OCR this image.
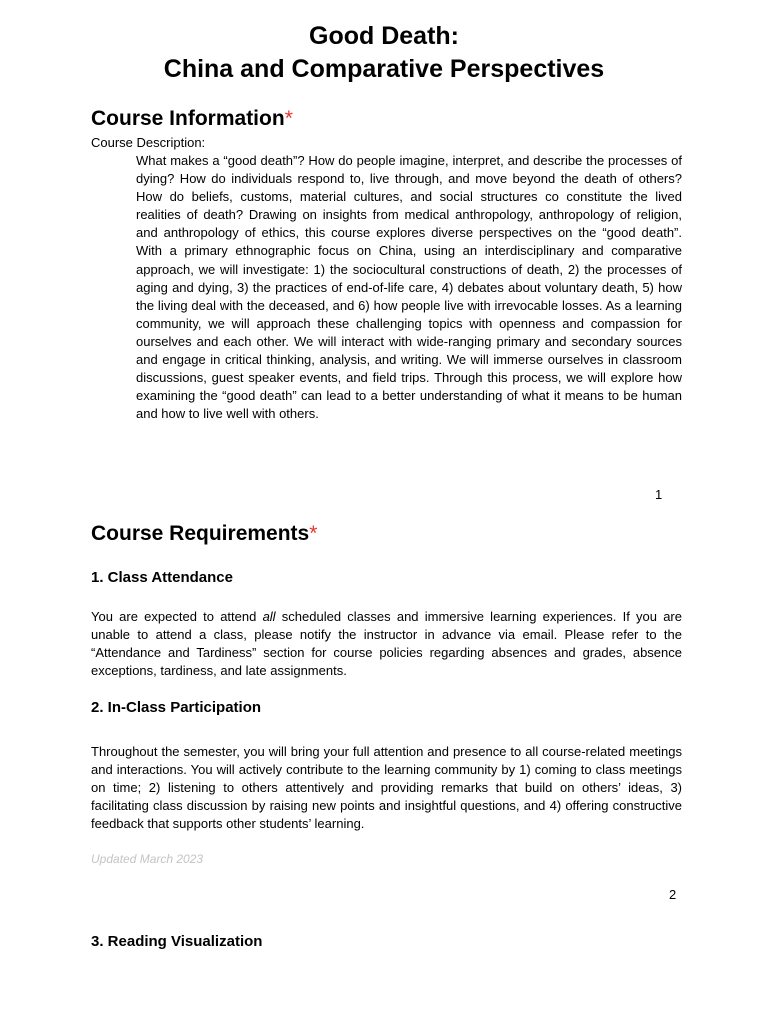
Good Death:
China and Comparative Perspectives
Course Information*
Course Description:
What makes a “good death”? How do people imagine, interpret, and describe the processes of dying? How do individuals respond to, live through, and move beyond the death of others? How do beliefs, customs, material cultures, and social structures co constitute the lived realities of death? Drawing on insights from medical anthropology, anthropology of religion, and anthropology of ethics, this course explores diverse perspectives on the “good death”. With a primary ethnographic focus on China, using an interdisciplinary and comparative approach, we will investigate: 1) the sociocultural constructions of death, 2) the processes of aging and dying, 3) the practices of end-of-life care, 4) debates about voluntary death, 5) how the living deal with the deceased, and 6) how people live with irrevocable losses. As a learning community, we will approach these challenging topics with openness and compassion for ourselves and each other. We will interact with wide-ranging primary and secondary sources and engage in critical thinking, analysis, and writing. We will immerse ourselves in classroom discussions, guest speaker events, and field trips. Through this process, we will explore how examining the “good death” can lead to a better understanding of what it means to be human and how to live well with others.
1
Course Requirements*
1. Class Attendance
You are expected to attend all scheduled classes and immersive learning experiences. If you are unable to attend a class, please notify the instructor in advance via email. Please refer to the “Attendance and Tardiness” section for course policies regarding absences and grades, absence exceptions, tardiness, and late assignments.
2. In-Class Participation
Throughout the semester, you will bring your full attention and presence to all course-related meetings and interactions. You will actively contribute to the learning community by 1) coming to class meetings on time; 2) listening to others attentively and providing remarks that build on others’ ideas, 3) facilitating class discussion by raising new points and insightful questions, and 4) offering constructive feedback that supports other students’ learning.
Updated March 2023
2
3. Reading Visualization
